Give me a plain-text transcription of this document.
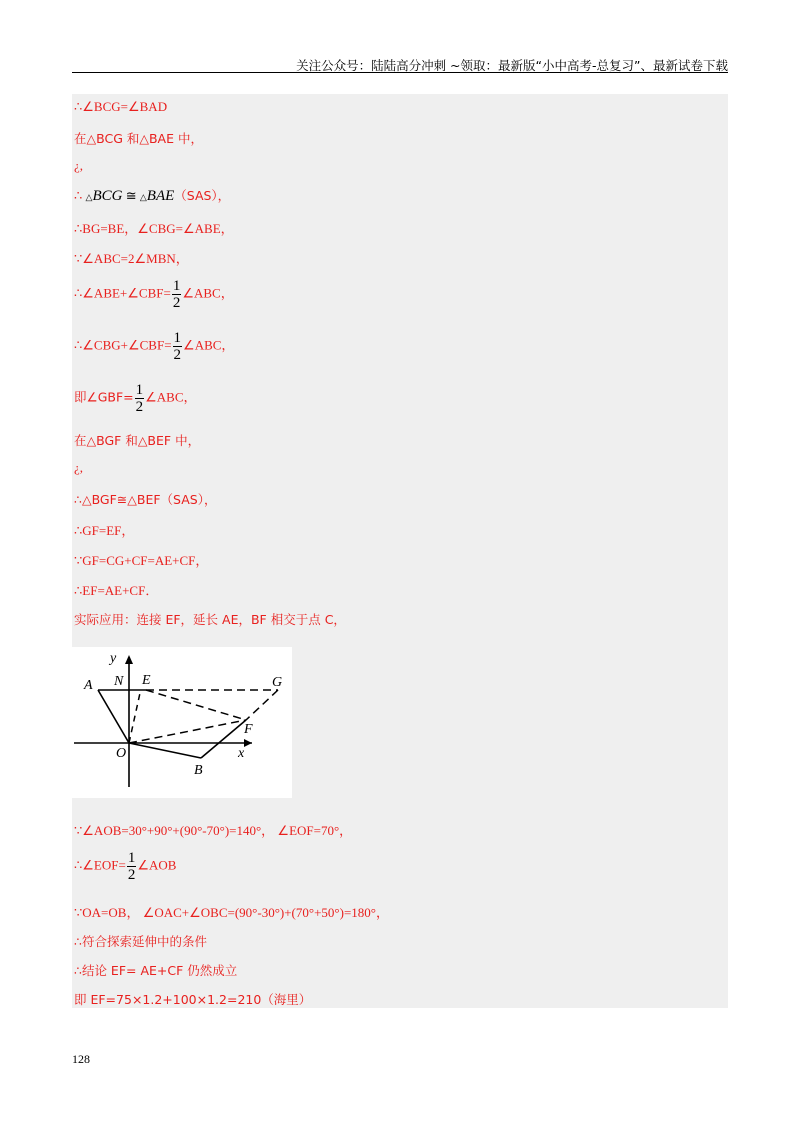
关注公众号：陆陆高分冲刺 ~领取：最新版“小中高考-总复习”、最新试卷下载
∴∠BCG=∠BAD
在△BCG 和△BAE 中，
¿,
∴ △BCG ≅ △BAE（SAS），
∴BG=BE，∠CBG=∠ABE，
∵∠ABC=2∠MBN，
∴∠ABE+∠CBF= $\frac{1}{2}$ ∠ABC，
∴∠CBG+∠CBF= $\frac{1}{2}$ ∠ABC，
即∠GBF= $\frac{1}{2}$ ∠ABC，
在△BGF 和△BEF 中，
¿,
∴△BGF≅△BEF（SAS），
∴GF=EF，
∵GF=CG+CF=AE+CF，
∴EF=AE+CF．
实际应用：连接 EF，延长 AE，BF 相交于点 C，
y
A N E	G
F
O
B
x
∵∠AOB=30°+90°+(90°-70°)=140°， ∠EOF=70°，
∴∠EOF= $\frac{1}{2}$ ∠AOB
∵OA=OB， ∠OAC+∠OBC=(90°-30°)+(70°+50°)=180°，
∴符合探索延伸中的条件
∴结论 EF= AE+CF 仍然成立
即 EF=75×1.2+100×1.2=210（海里）
128
